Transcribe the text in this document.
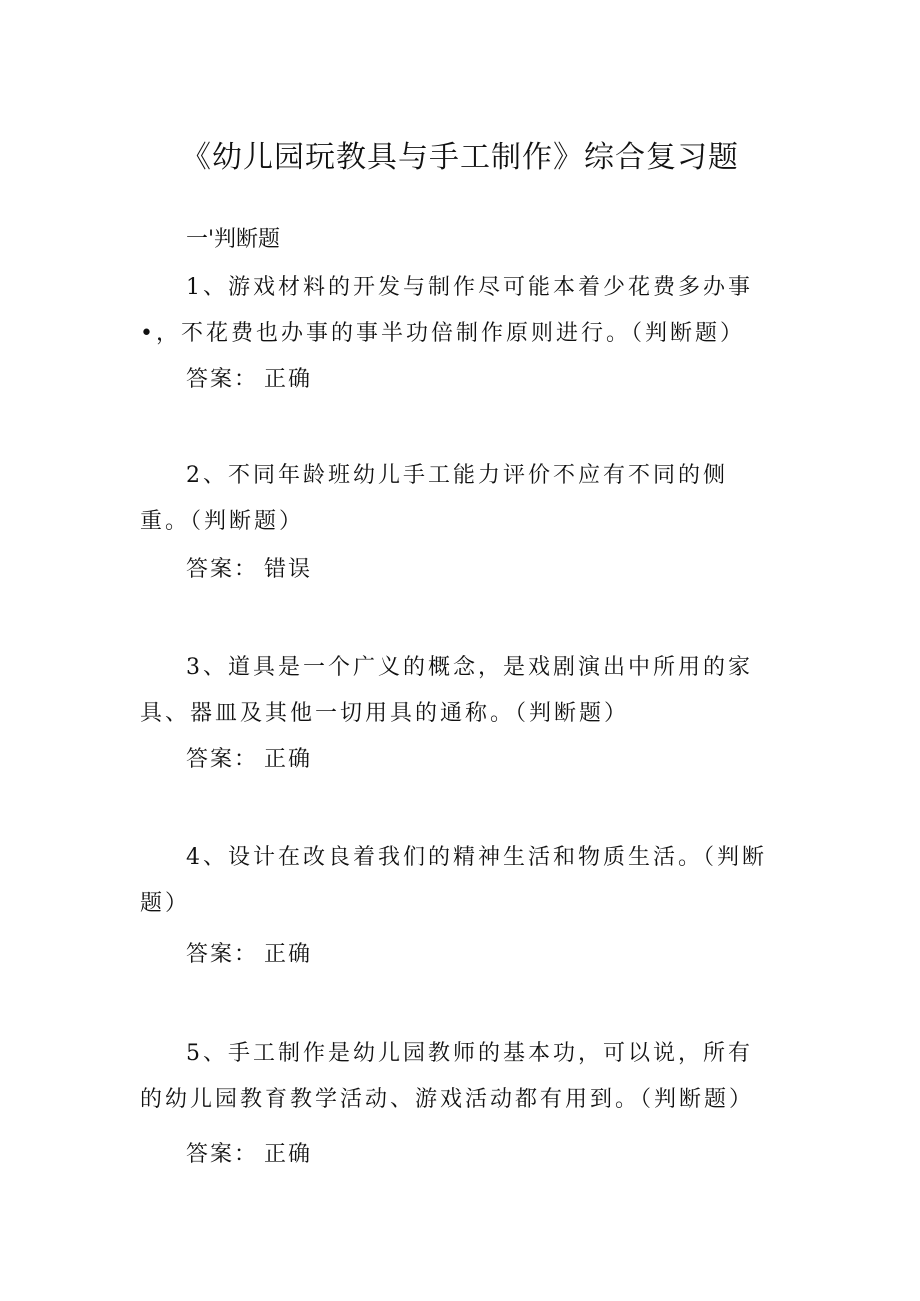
《幼儿园玩教具与手工制作》综合复习题
一'判断题

1、游戏材料的开发与制作尽可能本着少花费多办事•，不花费也办事的事半功倍制作原则进行。（判断题）

答案： 正确

2、不同年龄班幼儿手工能力评价不应有不同的侧重。（判断题）

答案： 错误

3、道具是一个广义的概念，是戏剧演出中所用的家具、器皿及其他一切用具的通称。（判断题）

答案： 正确

4、设计在改良着我们的精神生活和物质生活。（判断题）

答案： 正确

5、手工制作是幼儿园教师的基本功，可以说，所有的幼儿园教育教学活动、游戏活动都有用到。（判断题）

答案： 正确
